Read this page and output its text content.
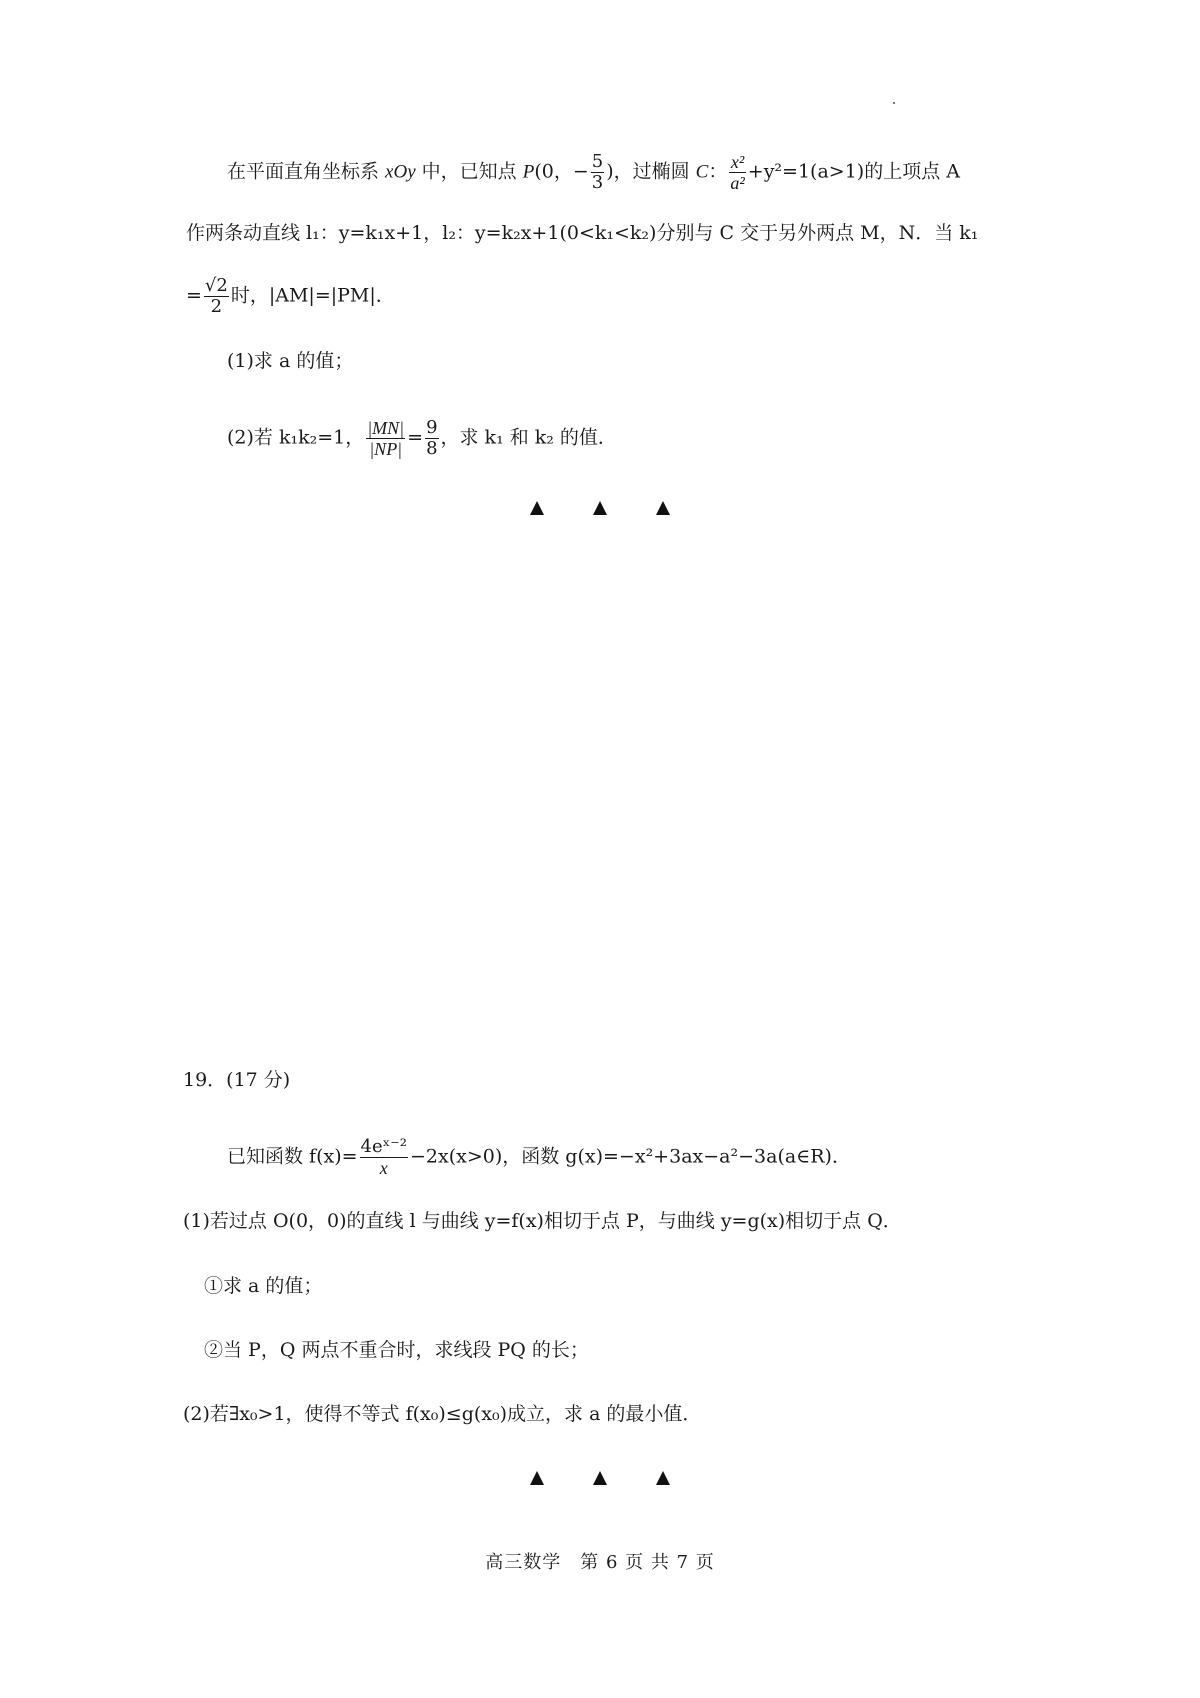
在平面直角坐标系 xOy 中，已知点 P(0，− $\frac{5}{3}$ )，过椭圆 C： $\frac{\text{x²}}{\text{a²}} +y^2=1(a>1)$的上项点 A
作两条动直线 l₁：y=k₁x+1，l₂：y=k₂x+1(0<k₁<k₂)分别与 C 交于另外两点 M，N．当 k₁
= $\frac{√2}{2}$ 时，|AM|=|PM|．
(1)求 a 的值；
(2)若 k₁k₂=1， $\frac{|MN|}{|NP|} = \frac{9}{8}$ ，求 k₁ 和 k₂ 的值．
19．(17 分)
已知函数 $f(x)= \frac{\text{4eˣ⁻²}}{x} -2x(x>0)$，函数 g(x)=−x²+3ax−a²−3a(a∈R)．
(1)若过点 O(0，0)的直线 l 与曲线 y=f(x)相切于点 P，与曲线 y=g(x)相切于点 Q．
①求 a 的值；
②当 P，Q 两点不重合时，求线段 PQ 的长；
(2)若∃x₀>1，使得不等式 f(x₀)≤g(x₀)成立，求 a 的最小值．
高三数学　第 6 页 共 7 页
